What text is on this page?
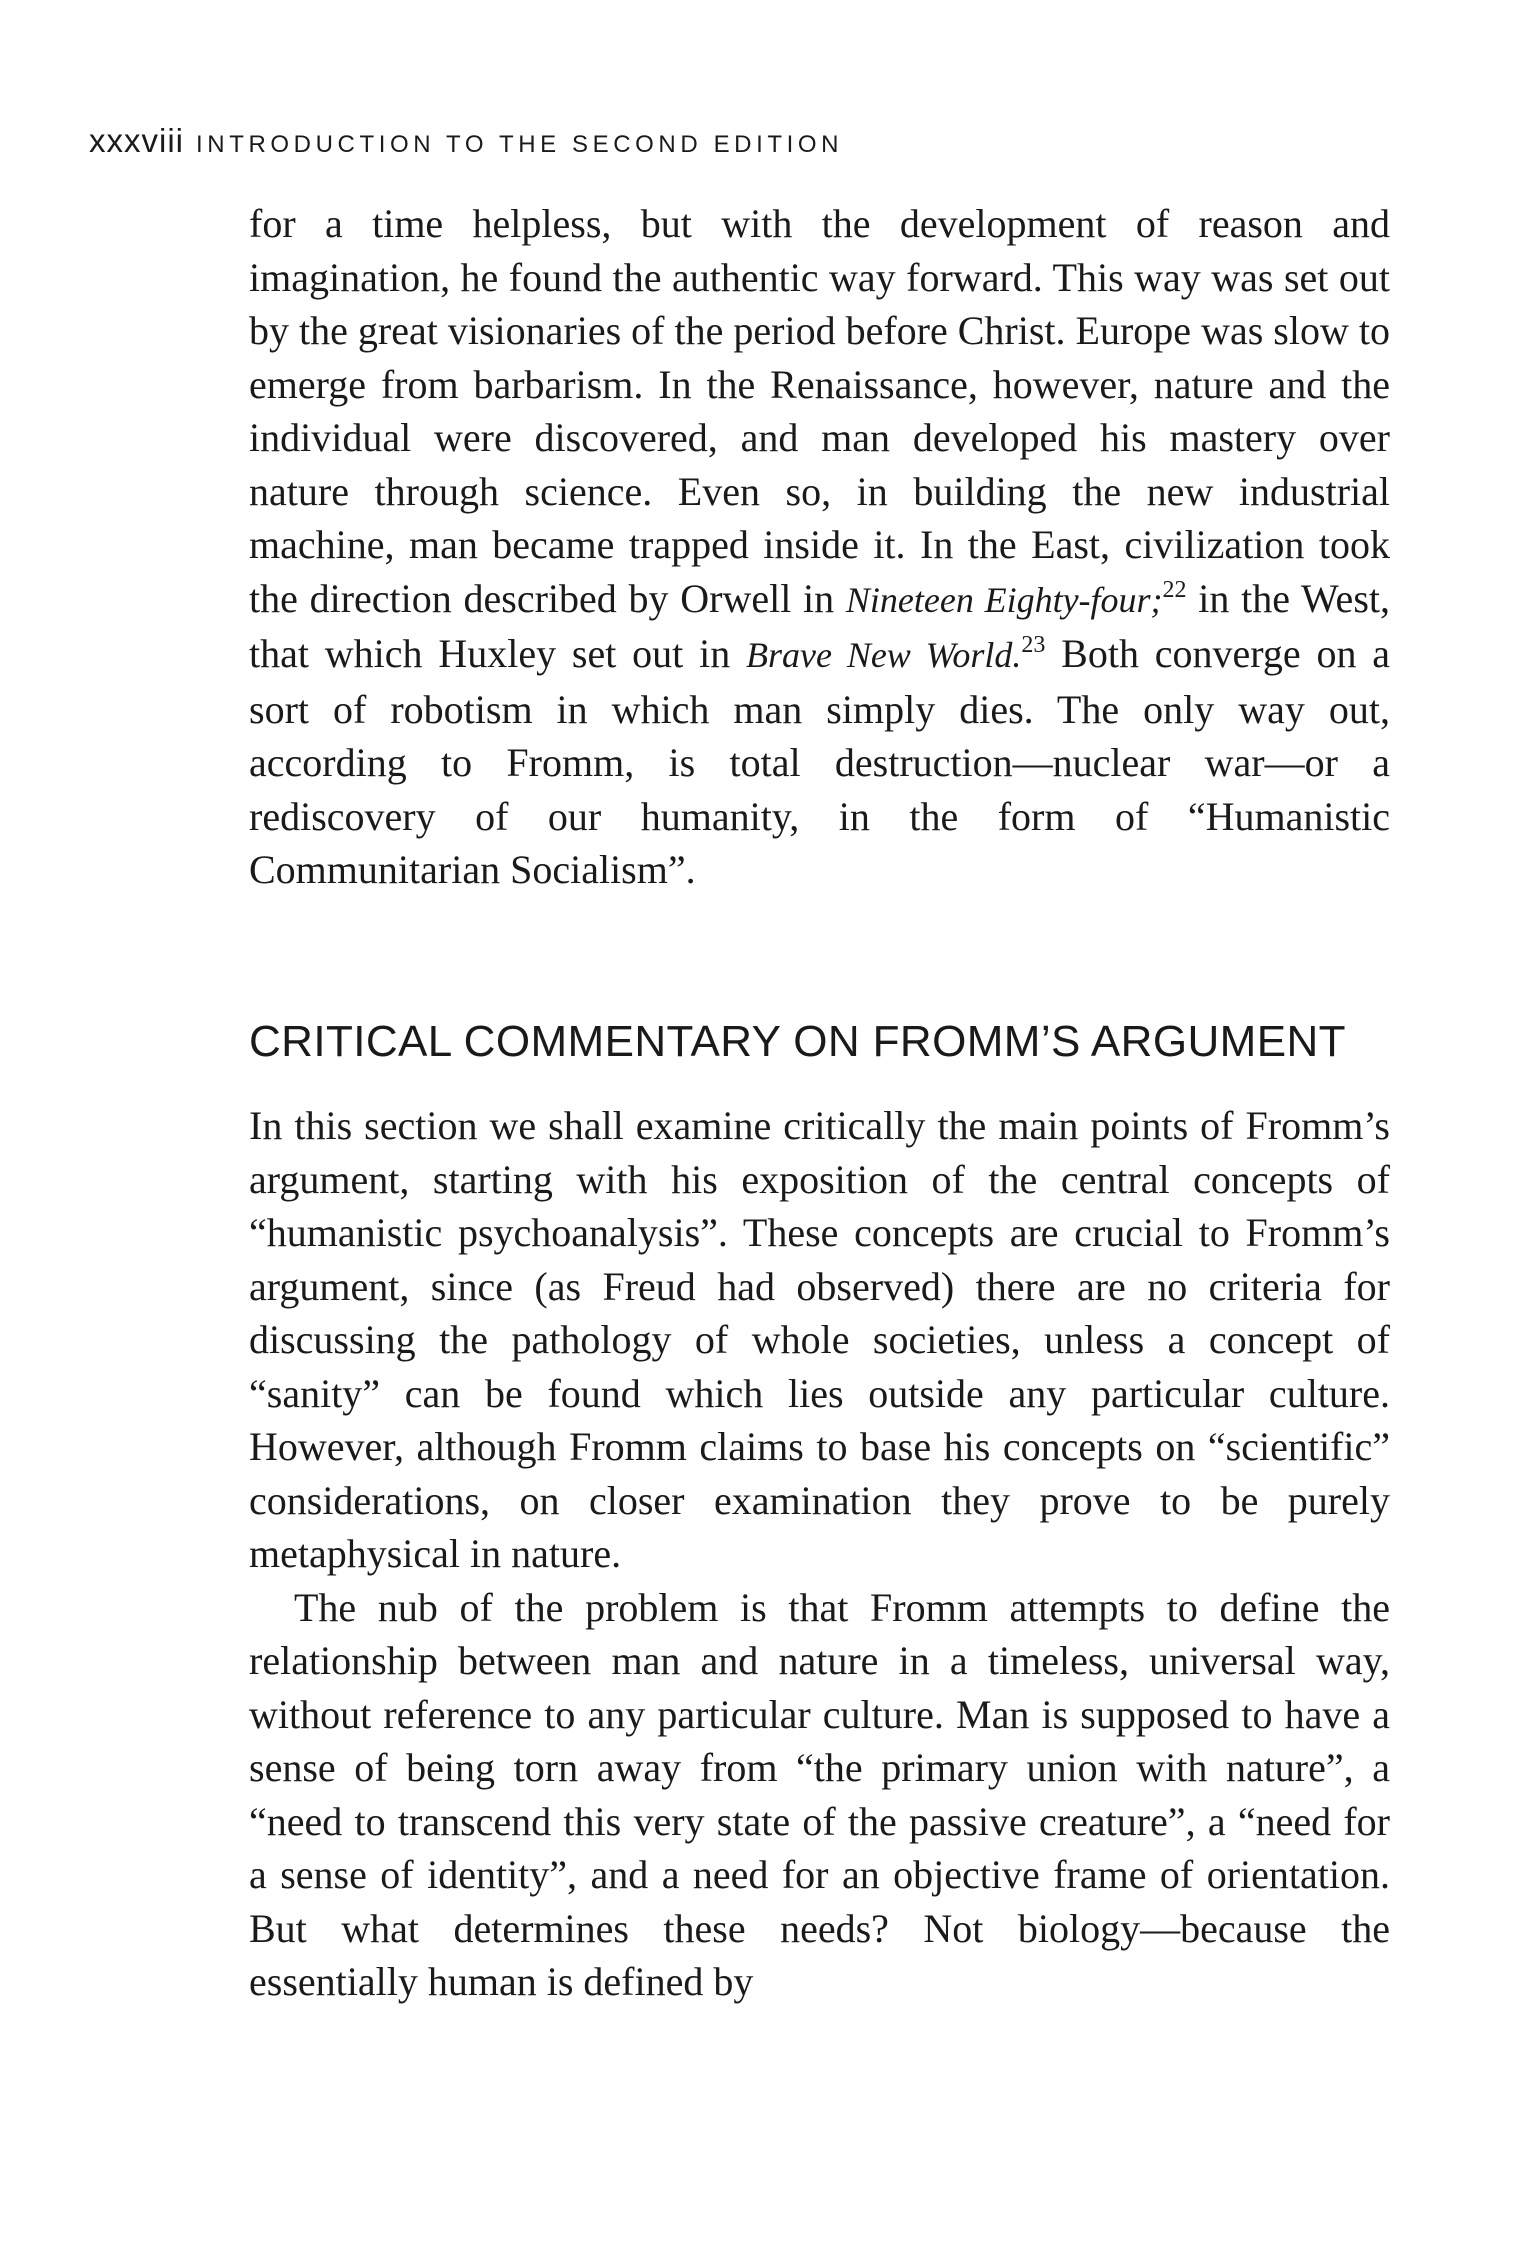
xxxviii INTRODUCTION TO THE SECOND EDITION

for a time helpless, but with the development of reason and imagination, he found the authentic way forward. This way was set out by the great visionaries of the period before Christ. Europe was slow to emerge from barbarism. In the Renaissance, however, nature and the individual were discovered, and man developed his mastery over nature through science. Even so, in building the new industrial machine, man became trapped inside it. In the East, civilization took the direction described by Orwell in Nineteen Eighty-four;$^{22}$ in the West, that which Huxley set out in Brave New World.$^{23}$ Both converge on a sort of robotism in which man simply dies. The only way out, according to Fromm, is total destruction—nuclear war—or a rediscovery of our humanity, in the form of “Humanistic Communitarian Socialism”.

CRITICAL COMMENTARY ON FROMM’S ARGUMENT

In this section we shall examine critically the main points of Fromm’s argument, starting with his exposition of the central concepts of “humanistic psychoanalysis”. These concepts are crucial to Fromm’s argument, since (as Freud had observed) there are no criteria for discussing the pathology of whole societies, unless a concept of “sanity” can be found which lies outside any particular culture. However, although Fromm claims to base his concepts on “scientific” considerations, on closer examination they prove to be purely metaphysical in nature.

The nub of the problem is that Fromm attempts to define the relationship between man and nature in a timeless, universal way, without reference to any particular culture. Man is supposed to have a sense of being torn away from “the primary union with nature”, a “need to transcend this very state of the passive creature”, a “need for a sense of identity”, and a need for an objective frame of orientation. But what determines these needs? Not biology—because the essentially human is defined by
